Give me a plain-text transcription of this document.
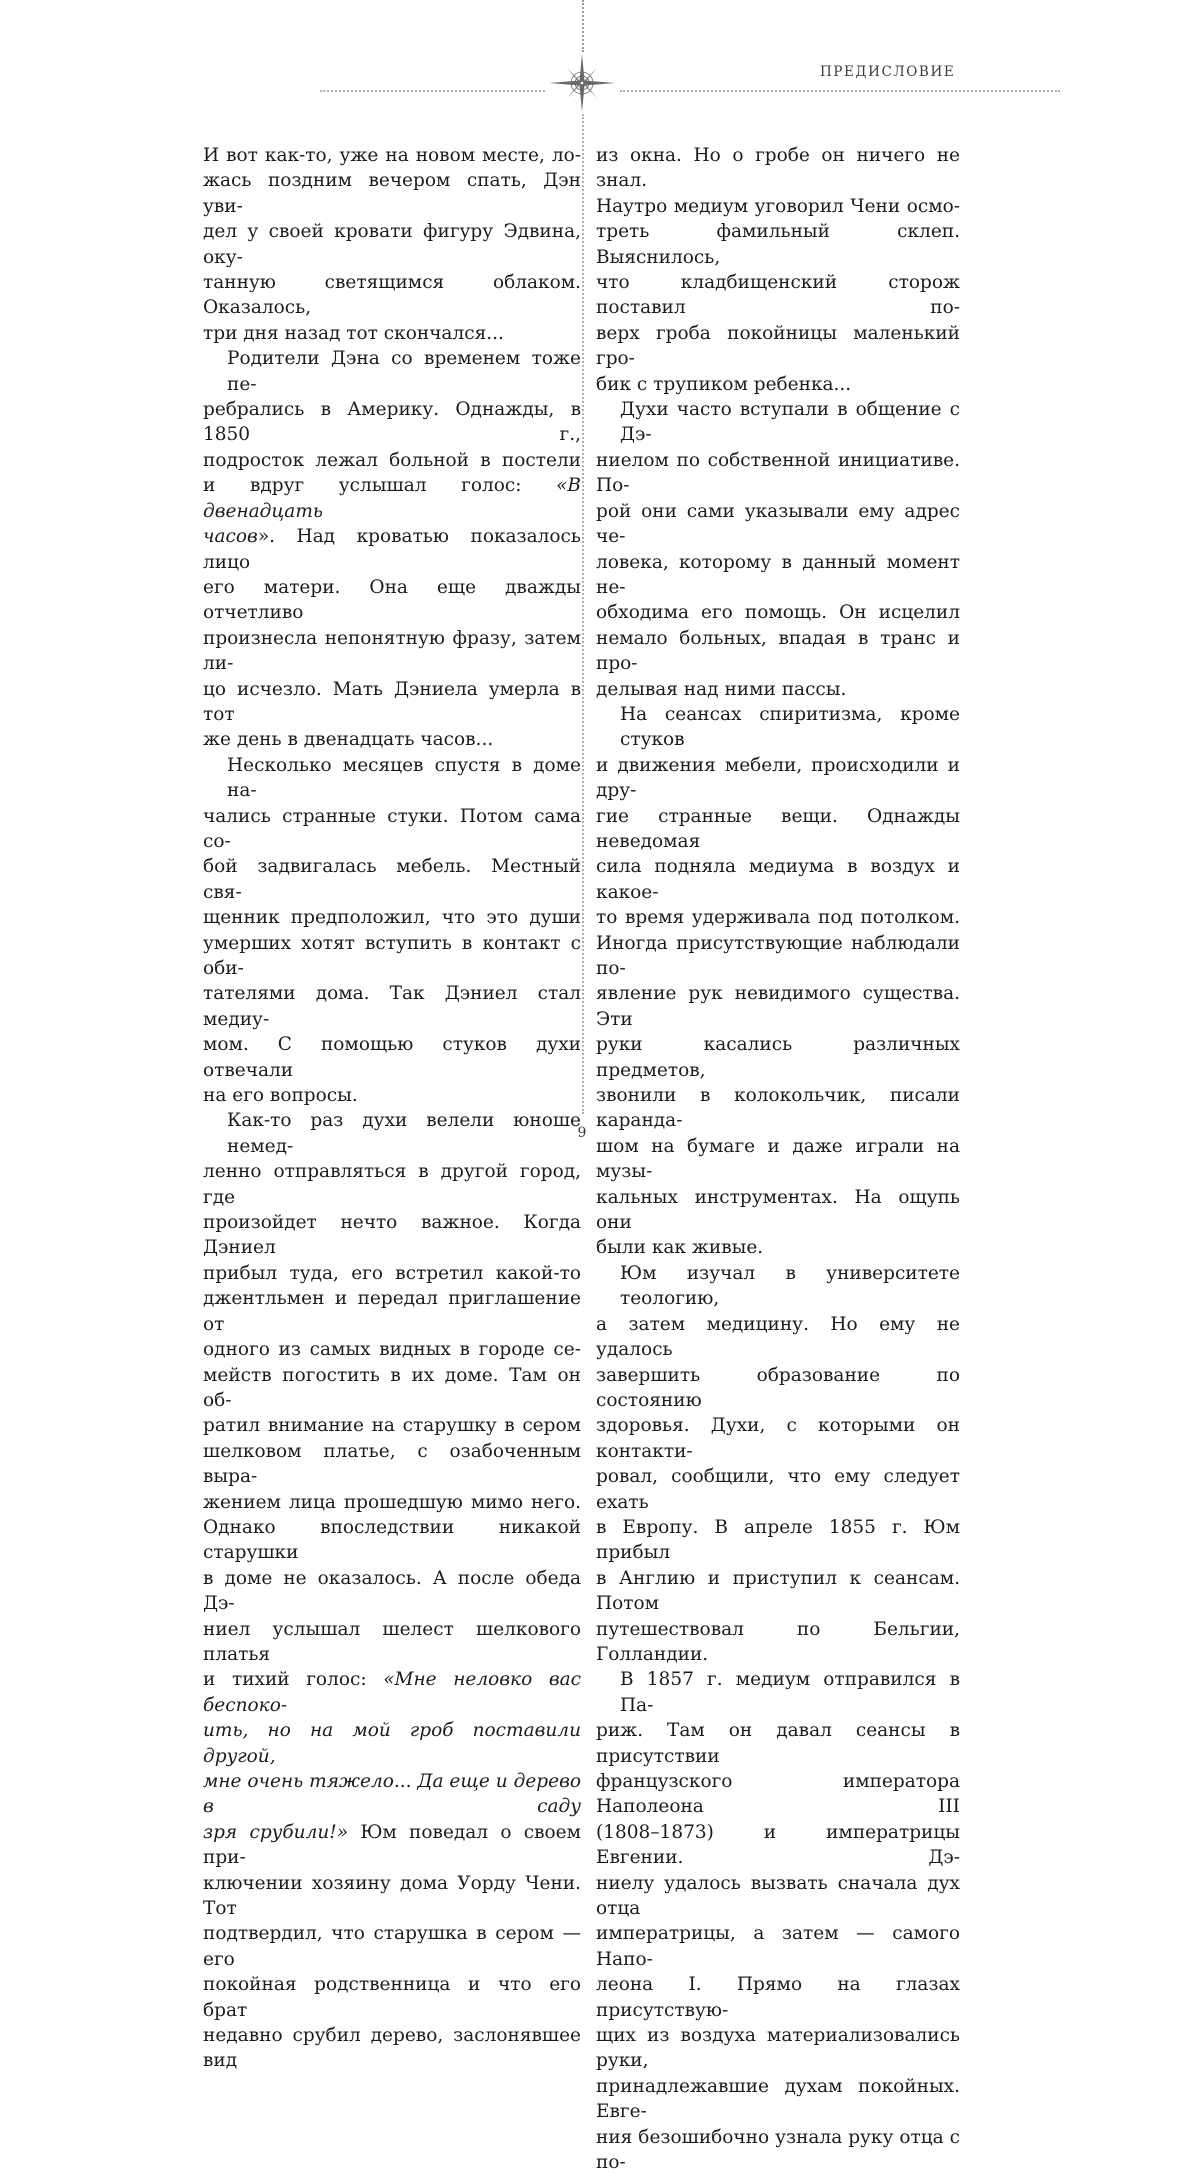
ПРЕДИСЛОВИЕ

И вот как-то, уже на новом месте, ло-
жась поздним вечером спать, Дэн уви-
дел у своей кровати фигуру Эдвина, оку-
танную светящимся облаком. Оказалось,
три дня назад тот скончался...

Родители Дэна со временем тоже пе-
ребрались в Америку. Однажды, в 1850 г.,
подросток лежал больной в постели
и вдруг услышал голос: «В двенадцать
часов». Над кроватью показалось лицо
его матери. Она еще дважды отчетливо
произнесла непонятную фразу, затем ли-
цо исчезло. Мать Дэниела умерла в тот
же день в двенадцать часов...

Несколько месяцев спустя в доме на-
чались странные стуки. Потом сама со-
бой задвигалась мебель. Местный свя-
щенник предположил, что это души
умерших хотят вступить в контакт с оби-
тателями дома. Так Дэниел стал медиу-
мом. С помощью стуков духи отвечали
на его вопросы.

Как-то раз духи велели юноше немед-
ленно отправляться в другой город, где
произойдет нечто важное. Когда Дэниел
прибыл туда, его встретил какой-то
джентльмен и передал приглашение от
одного из самых видных в городе се-
мейств погостить в их доме. Там он об-
ратил внимание на старушку в сером
шелковом платье, с озабоченным выра-
жением лица прошедшую мимо него.
Однако впоследствии никакой старушки
в доме не оказалось. А после обеда Дэ-
ниел услышал шелест шелкового платья
и тихий голос: «Мне неловко вас беспоко-
ить, но на мой гроб поставили другой,
мне очень тяжело... Да еще и дерево в саду
зря срубили!» Юм поведал о своем при-
ключении хозяину дома Уорду Чени. Тот
подтвердил, что старушка в сером — его
покойная родственница и что его брат
недавно срубил дерево, заслонявшее вид

из окна. Но о гробе он ничего не знал.
Наутро медиум уговорил Чени осмо-
треть фамильный склеп. Выяснилось,
что кладбищенский сторож поставил по-
верх гроба покойницы маленький гро-
бик с трупиком ребенка...

Духи часто вступали в общение с Дэ-
ниелом по собственной инициативе. По-
рой они сами указывали ему адрес че-
ловека, которому в данный момент не-
обходима его помощь. Он исцелил
немало больных, впадая в транс и про-
делывая над ними пассы.

На сеансах спиритизма, кроме стуков
и движения мебели, происходили и дру-
гие странные вещи. Однажды неведомая
сила подняла медиума в воздух и какое-
то время удерживала под потолком.
Иногда присутствующие наблюдали по-
явление рук невидимого существа. Эти
руки касались различных предметов,
звонили в колокольчик, писали каранда-
шом на бумаге и даже играли на музы-
кальных инструментах. На ощупь они
были как живые.

Юм изучал в университете теологию,
а затем медицину. Но ему не удалось
завершить образование по состоянию
здоровья. Духи, с которыми он контакти-
ровал, сообщили, что ему следует ехать
в Европу. В апреле 1855 г. Юм прибыл
в Англию и приступил к сеансам. Потом
путешествовал по Бельгии, Голландии.

В 1857 г. медиум отправился в Па-
риж. Там он давал сеансы в присутствии
французского императора Наполеона III
(1808–1873) и императрицы Евгении. Дэ-
ниелу удалось вызвать сначала дух отца
императрицы, а затем — самого Напо-
леона I. Прямо на глазах присутствую-
щих из воздуха материализовались руки,
принадлежавшие духам покойных. Евге-
ния безошибочно узнала руку отца с по-

9
